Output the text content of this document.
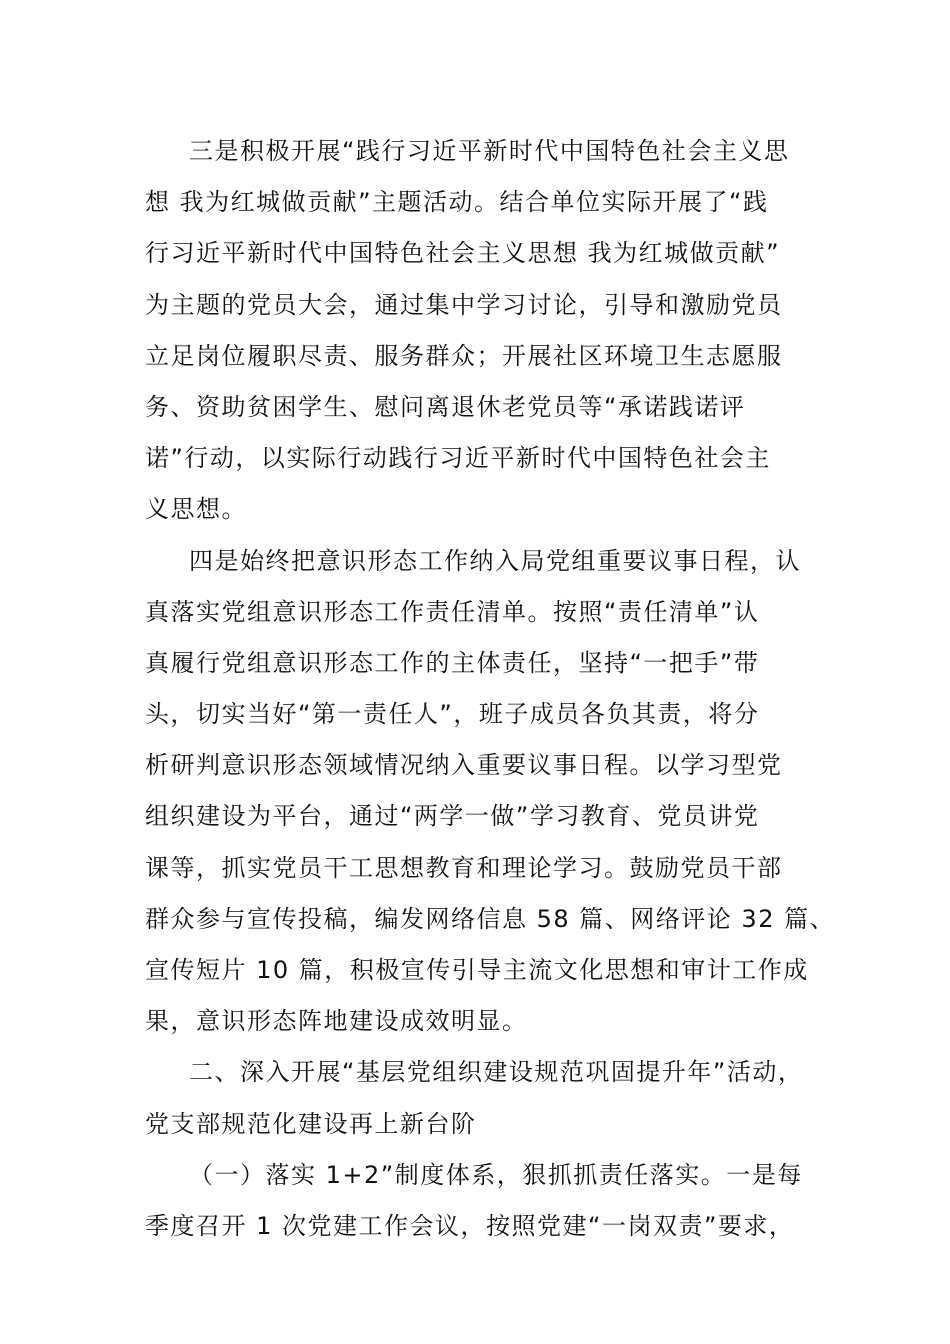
三是积极开展“践行习近平新时代中国特色社会主义思
想 我为红城做贡献”主题活动。结合单位实际开展了“践
行习近平新时代中国特色社会主义思想 我为红城做贡献”
为主题的党员大会，通过集中学习讨论，引导和激励党员
立足岗位履职尽责、服务群众；开展社区环境卫生志愿服
务、资助贫困学生、慰问离退休老党员等“承诺践诺评
诺”行动，以实际行动践行习近平新时代中国特色社会主
义思想。
四是始终把意识形态工作纳入局党组重要议事日程，认
真落实党组意识形态工作责任清单。按照“责任清单”认
真履行党组意识形态工作的主体责任，坚持“一把手”带
头，切实当好“第一责任人”，班子成员各负其责，将分
析研判意识形态领域情况纳入重要议事日程。以学习型党
组织建设为平台，通过“两学一做”学习教育、党员讲党
课等，抓实党员干工思想教育和理论学习。鼓励党员干部
群众参与宣传投稿，编发网络信息 58 篇、网络评论 32 篇、
宣传短片 10 篇，积极宣传引导主流文化思想和审计工作成
果，意识形态阵地建设成效明显。
二、深入开展“基层党组织建设规范巩固提升年”活动，
党支部规范化建设再上新台阶
（一）落实 1+2”制度体系，狠抓抓责任落实。一是每
季度召开 1 次党建工作会议，按照党建“一岗双责”要求，
